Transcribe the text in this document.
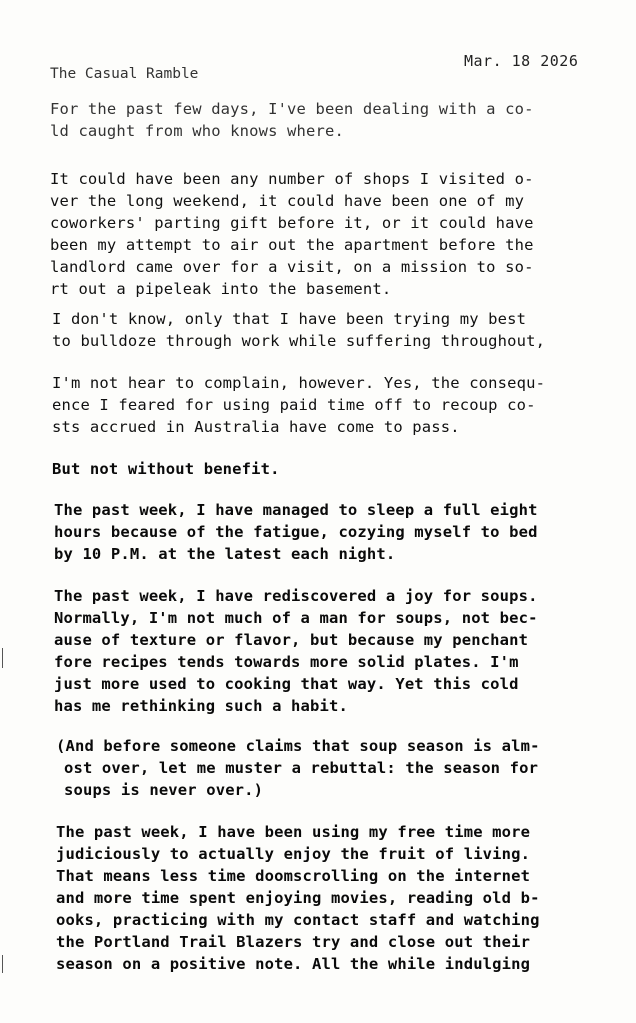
Mar. 18 2026
The Casual Ramble
For the past few days, I've been dealing with a co-
ld caught from who knows where.
It could have been any number of shops I visited o-
ver the long weekend, it could have been one of my
coworkers' parting gift before it, or it could have
been my attempt to air out the apartment before the
landlord came over for a visit, on a mission to so-
rt out a pipeleak into the basement.
I don't know, only that I have been trying my best
to bulldoze through work while suffering throughout,
I'm not hear to complain, however. Yes, the consequ-
ence I feared for using paid time off to recoup co-
sts accrued in Australia have come to pass.
But not without benefit.
The past week, I have managed to sleep a full eight
hours because of the fatigue, cozying myself to bed
by 10 P.M. at the latest each night.
The past week, I have rediscovered a joy for soups.
Normally, I'm not much of a man for soups, not bec-
ause of texture or flavor, but because my penchant
fore recipes tends towards more solid plates. I'm
just more used to cooking that way. Yet this cold
has me rethinking such a habit.
(And before someone claims that soup season is alm-
ost over, let me muster a rebuttal: the season for
soups is never over.)
The past week, I have been using my free time more
judiciously to actually enjoy the fruit of living.
That means less time doomscrolling on the internet
and more time spent enjoying movies, reading old b-
ooks, practicing with my contact staff and watching
the Portland Trail Blazers try and close out their
season on a positive note. All the while indulging
